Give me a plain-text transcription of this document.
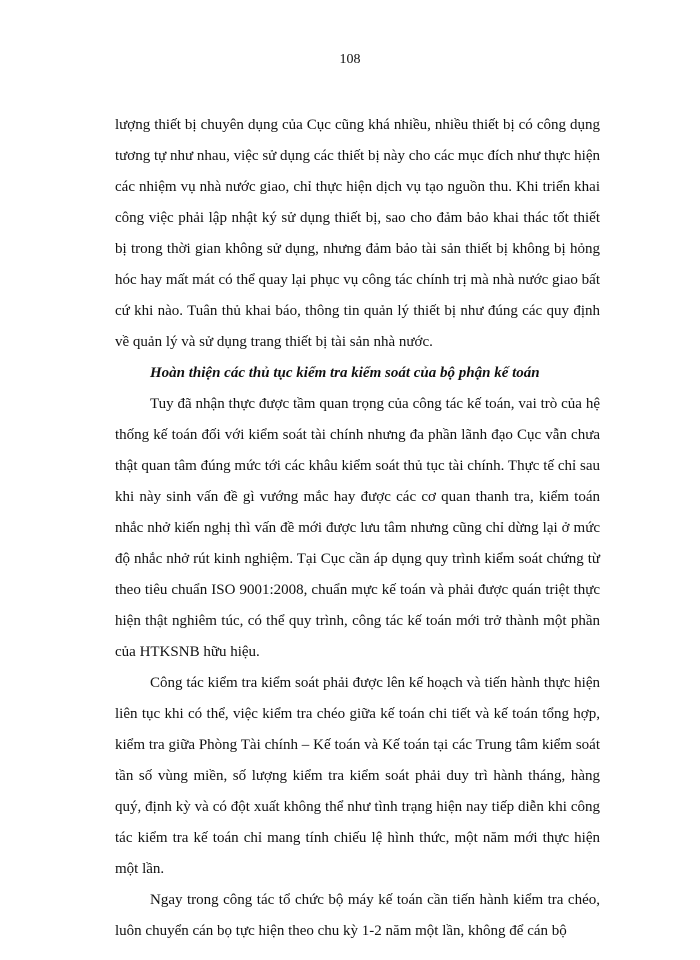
108

lượng thiết bị chuyên dụng của Cục cũng khá nhiều, nhiều thiết bị có công dụng tương tự như nhau, việc sử dụng các thiết bị này cho các mục đích như thực hiện các nhiệm vụ nhà nước giao, chỉ thực hiện dịch vụ tạo nguồn thu. Khi triển khai công việc phải lập nhật ký sử dụng thiết bị, sao cho đảm bảo khai thác tốt thiết bị trong thời gian không sử dụng, nhưng đảm bảo tài sản thiết bị không bị hỏng hóc hay mất mát có thể quay lại phục vụ công tác chính trị mà nhà nước giao bất cứ khi nào. Tuân thủ khai báo, thông tin quản lý thiết bị như đúng các quy định về quản lý và sử dụng trang thiết bị tài sản nhà nước.

Hoàn thiện các thủ tục kiểm tra kiểm soát của bộ phận kế toán

Tuy đã nhận thực được tầm quan trọng của công tác kế toán, vai trò của hệ thống kế toán đối với kiểm soát tài chính nhưng đa phần lãnh đạo Cục vẫn chưa thật quan tâm đúng mức tới các khâu kiểm soát thủ tục tài chính. Thực tế chỉ sau khi này sinh vấn đề gì vướng mắc hay được các cơ quan thanh tra, kiểm toán nhắc nhở kiến nghị thì vấn đề mới được lưu tâm nhưng cũng chỉ dừng lại ở mức độ nhắc nhở rút kinh nghiệm. Tại Cục cần áp dụng quy trình kiểm soát chứng từ theo tiêu chuẩn ISO 9001:2008, chuẩn mực kế toán và phải được quán triệt thực hiện thật nghiêm túc, có thể quy trình, công tác kế toán mới trở thành một phần của HTKSNB hữu hiệu.

Công tác kiểm tra kiểm soát phải được lên kế hoạch và tiến hành thực hiện liên tục khi có thể, việc kiểm tra chéo giữa kế toán chi tiết và kế toán tổng hợp, kiểm tra giữa Phòng Tài chính – Kế toán và Kế toán tại các Trung tâm kiểm soát tần số vùng miền, số lượng kiểm tra kiểm soát phải duy trì hành tháng, hàng quý, định kỳ và có đột xuất không thể như tình trạng hiện nay tiếp diễn khi công tác kiểm tra kế toán chỉ mang tính chiếu lệ hình thức, một năm mới thực hiện một lần.

Ngay trong công tác tổ chức bộ máy kế toán cần tiến hành kiểm tra chéo, luôn chuyển cán bọ tực hiện theo chu kỳ 1-2 năm một lần, không để cán bộ
